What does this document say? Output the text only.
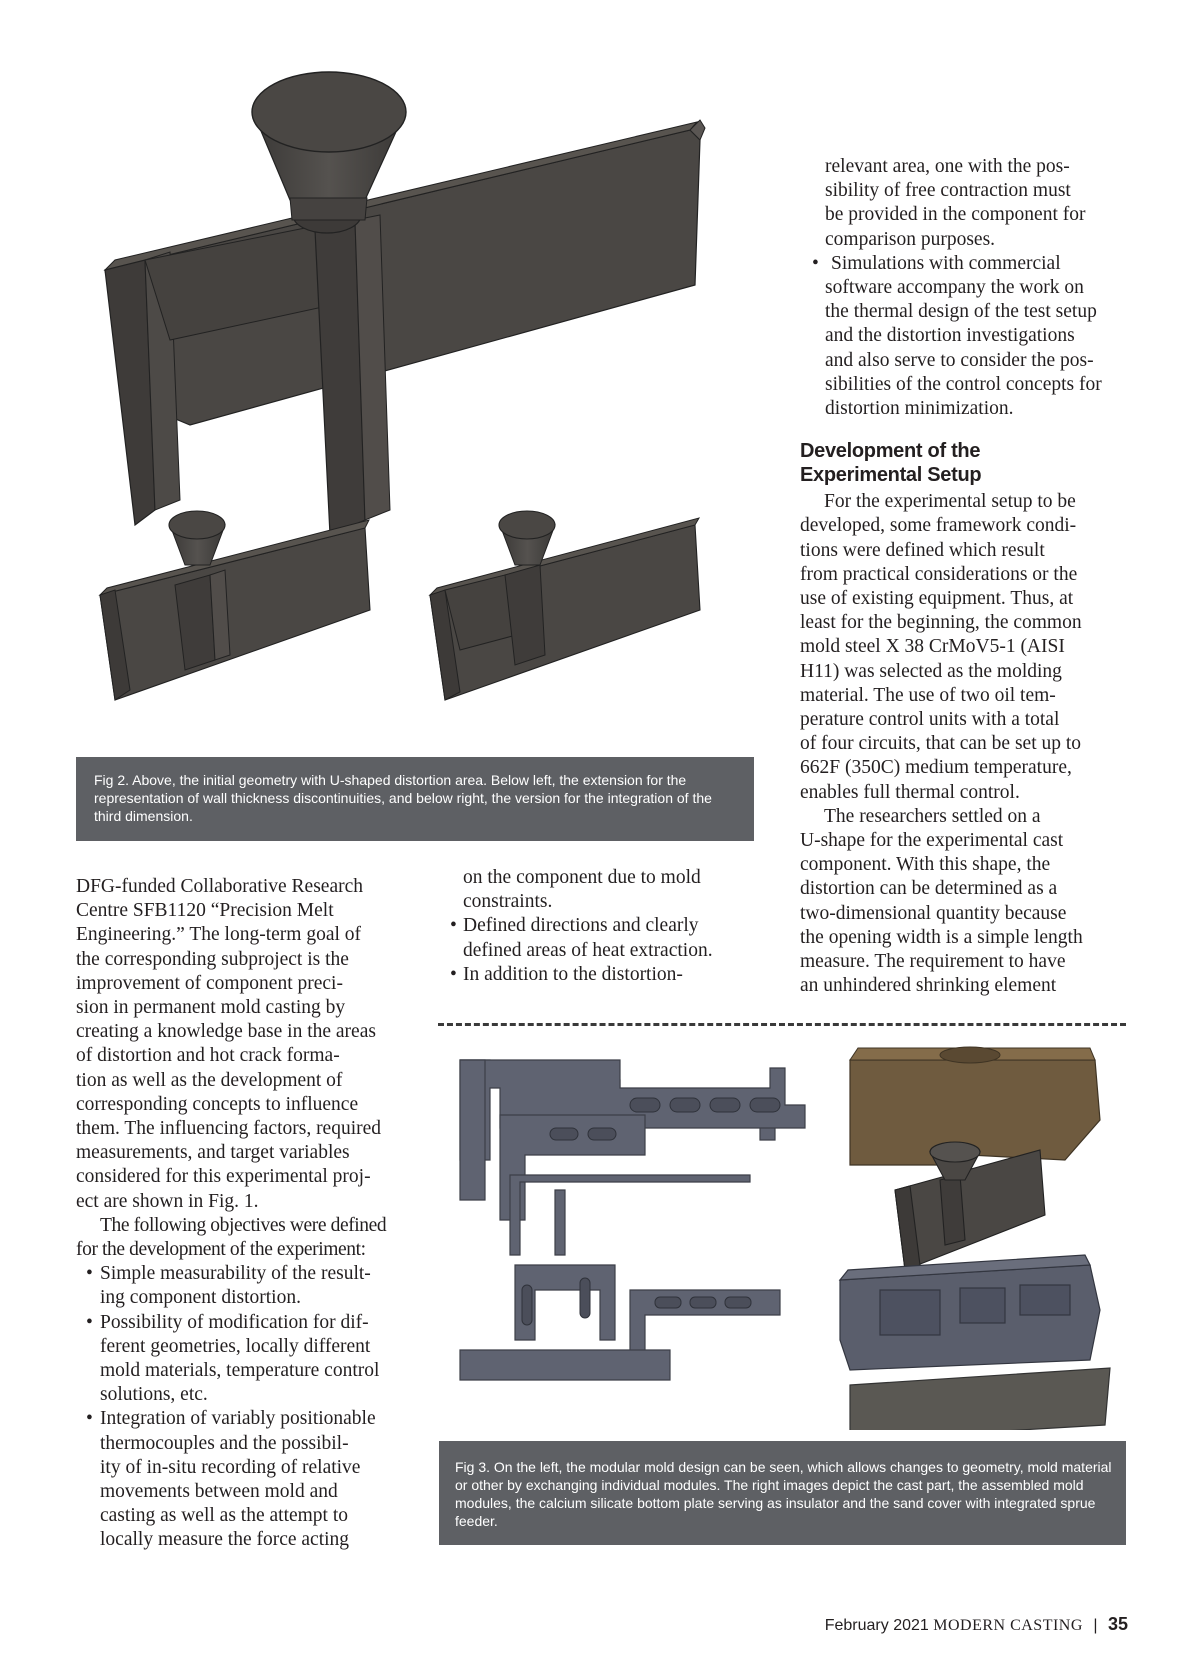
Fig 2. Above, the initial geometry with U-shaped distortion area. Below left, the extension for the representation of wall thickness discontinuities, and below right, the version for the integration of the third dimension.
relevant area, one with the pos-
sibility of free contraction must
be provided in the component for
comparison purposes.
• Simulations with commercial
software accompany the work on
the thermal design of the test setup
and the distortion investigations
and also serve to consider the pos-
sibilities of the control concepts for
distortion minimization.
Development of the
Experimental Setup
For the experimental setup to be
developed, some framework condi-
tions were defined which result
from practical considerations or the
use of existing equipment. Thus, at
least for the beginning, the common
mold steel X 38 CrMoV5-1 (AISI
H11) was selected as the molding
material. The use of two oil tem-
perature control units with a total
of four circuits, that can be set up to
662F (350C) medium temperature,
enables full thermal control.
The researchers settled on a
U-shape for the experimental cast
component. With this shape, the
distortion can be determined as a
two-dimensional quantity because
the opening width is a simple length
measure. The requirement to have
an unhindered shrinking element
DFG-funded Collaborative Research
Centre SFB1120 “Precision Melt
Engineering.” The long-term goal of
the corresponding subproject is the
improvement of component preci-
sion in permanent mold casting by
creating a knowledge base in the areas
of distortion and hot crack forma-
tion as well as the development of
corresponding concepts to influence
them. The influencing factors, required
measurements, and target variables
considered for this experimental proj-
ect are shown in Fig. 1.
The following objectives were defined
for the development of the experiment:
• Simple measurability of the result-
ing component distortion.
• Possibility of modification for dif-
ferent geometries, locally different
mold materials, temperature control
solutions, etc.
• Integration of variably positionable
thermocouples and the possibil-
ity of in-situ recording of relative
movements between mold and
casting as well as the attempt to
locally measure the force acting
on the component due to mold
constraints.
• Defined directions and clearly
defined areas of heat extraction.
• In addition to the distortion-
Fig 3. On the left, the modular mold design can be seen, which allows changes to geometry, mold material or other by exchanging individual modules. The right images depict the cast part, the assembled mold modules, the calcium silicate bottom plate serving as insulator and the sand cover with integrated sprue feeder.
February 2021 MODERN CASTING | 35
